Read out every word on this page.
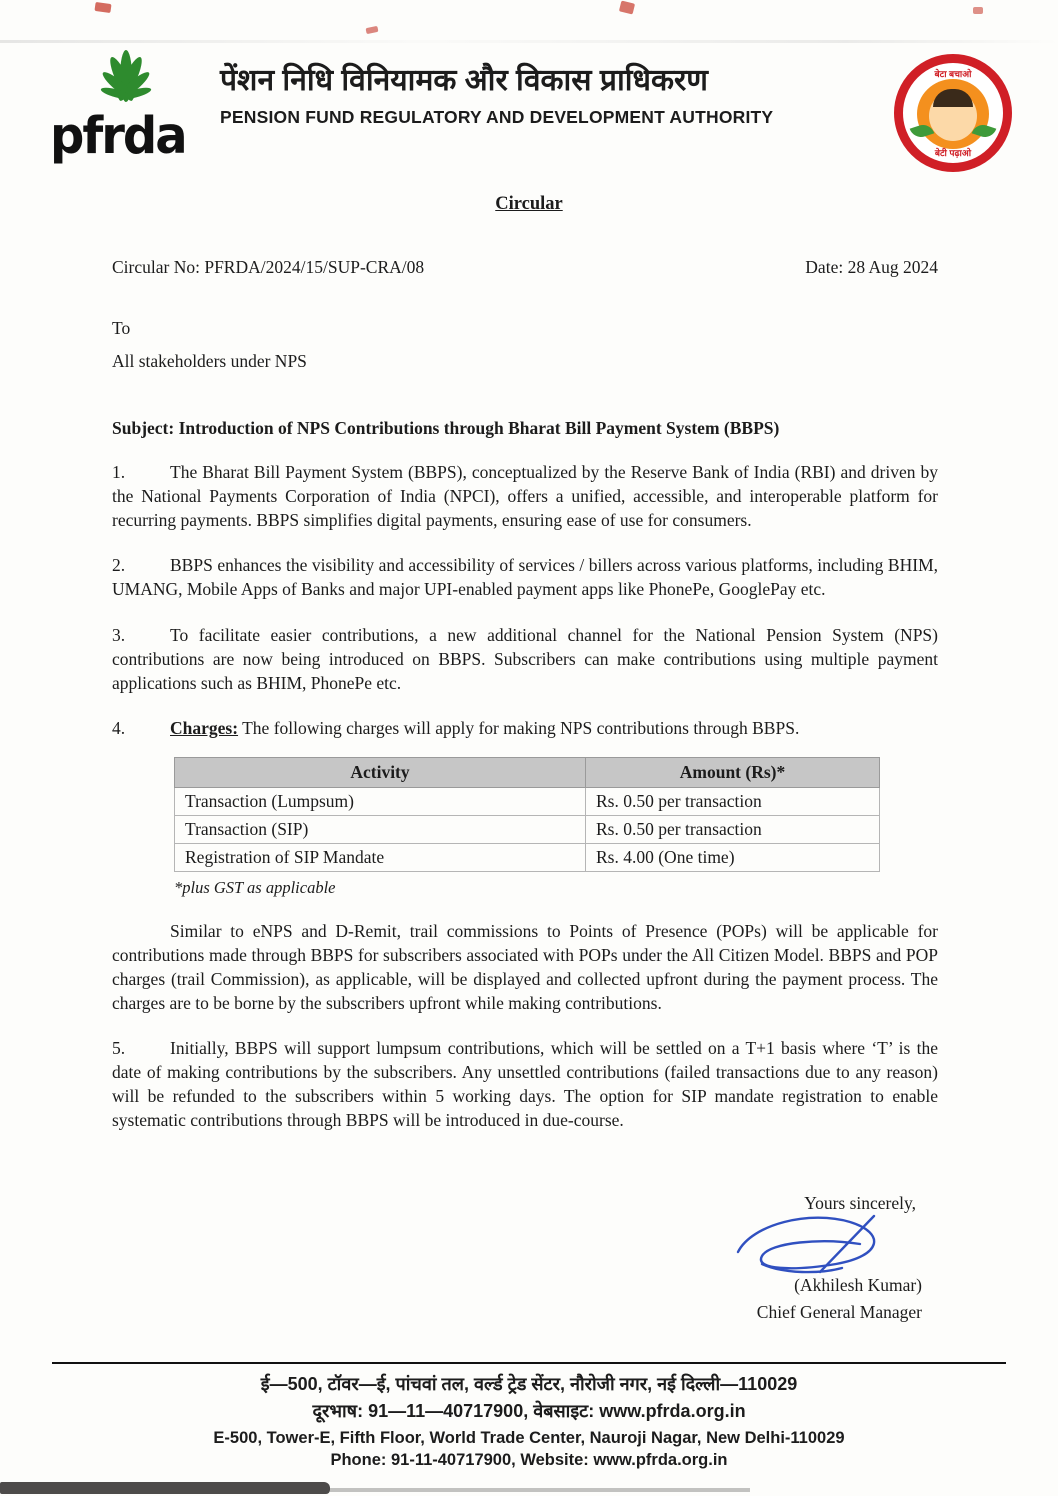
pfrda
पेंशन निधि विनियामक और विकास प्राधिकरण
PENSION FUND REGULATORY AND DEVELOPMENT AUTHORITY
बेटा बचाओ
बेटी पढ़ाओ
Circular
Circular No: PFRDA/2024/15/SUP-CRA/08	Date: 28 Aug 2024
To
All stakeholders under NPS
Subject: Introduction of NPS Contributions through Bharat Bill Payment System (BBPS)
1.	The Bharat Bill Payment System (BBPS), conceptualized by the Reserve Bank of India (RBI) and driven by the National Payments Corporation of India (NPCI), offers a unified, accessible, and interoperable platform for recurring payments. BBPS simplifies digital payments, ensuring ease of use for consumers.
2.	BBPS enhances the visibility and accessibility of services / billers across various platforms, including BHIM, UMANG, Mobile Apps of Banks and major UPI-enabled payment apps like PhonePe, GooglePay etc.
3.	To facilitate easier contributions, a new additional channel for the National Pension System (NPS) contributions are now being introduced on BBPS. Subscribers can make contributions using multiple payment applications such as BHIM, PhonePe etc.
4.	Charges: The following charges will apply for making NPS contributions through BBPS.
Activity	Amount (Rs)*
Transaction (Lumpsum)	Rs. 0.50 per transaction
Transaction (SIP)	Rs. 0.50 per transaction
Registration of SIP Mandate	Rs. 4.00 (One time)
*plus GST as applicable
Similar to eNPS and D-Remit, trail commissions to Points of Presence (POPs) will be applicable for contributions made through BBPS for subscribers associated with POPs under the All Citizen Model. BBPS and POP charges (trail Commission), as applicable, will be displayed and collected upfront during the payment process. The charges are to be borne by the subscribers upfront while making contributions.
5.	Initially, BBPS will support lumpsum contributions, which will be settled on a T+1 basis where ‘T’ is the date of making contributions by the subscribers. Any unsettled contributions (failed transactions due to any reason) will be refunded to the subscribers within 5 working days. The option for SIP mandate registration to enable systematic contributions through BBPS will be introduced in due-course.
Yours sincerely,
(Akhilesh Kumar)
Chief General Manager
ई—500, टॉवर—ई, पांचवां तल, वर्ल्ड ट्रेड सेंटर, नौरोजी नगर, नई दिल्ली—110029
दूरभाष: 91—11—40717900, वेबसाइट: www.pfrda.org.in
E-500, Tower-E, Fifth Floor, World Trade Center, Nauroji Nagar, New Delhi-110029
Phone: 91-11-40717900, Website: www.pfrda.org.in
